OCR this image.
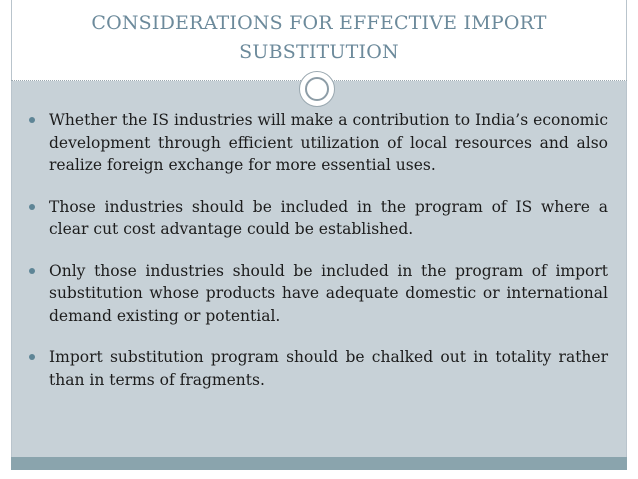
CONSIDERATIONS FOR EFFECTIVE IMPORT
SUBSTITUTION
Whether the IS industries will make a contribution to India’s economic development through efficient utilization of local resources and also realize foreign exchange for more essential uses.
Those industries should be included in the program of IS where a clear cut cost advantage could be established.
Only those industries should be included in the program of import substitution whose products have adequate domestic or international demand existing or potential.
Import substitution program should be chalked out in totality rather than in terms of fragments.
